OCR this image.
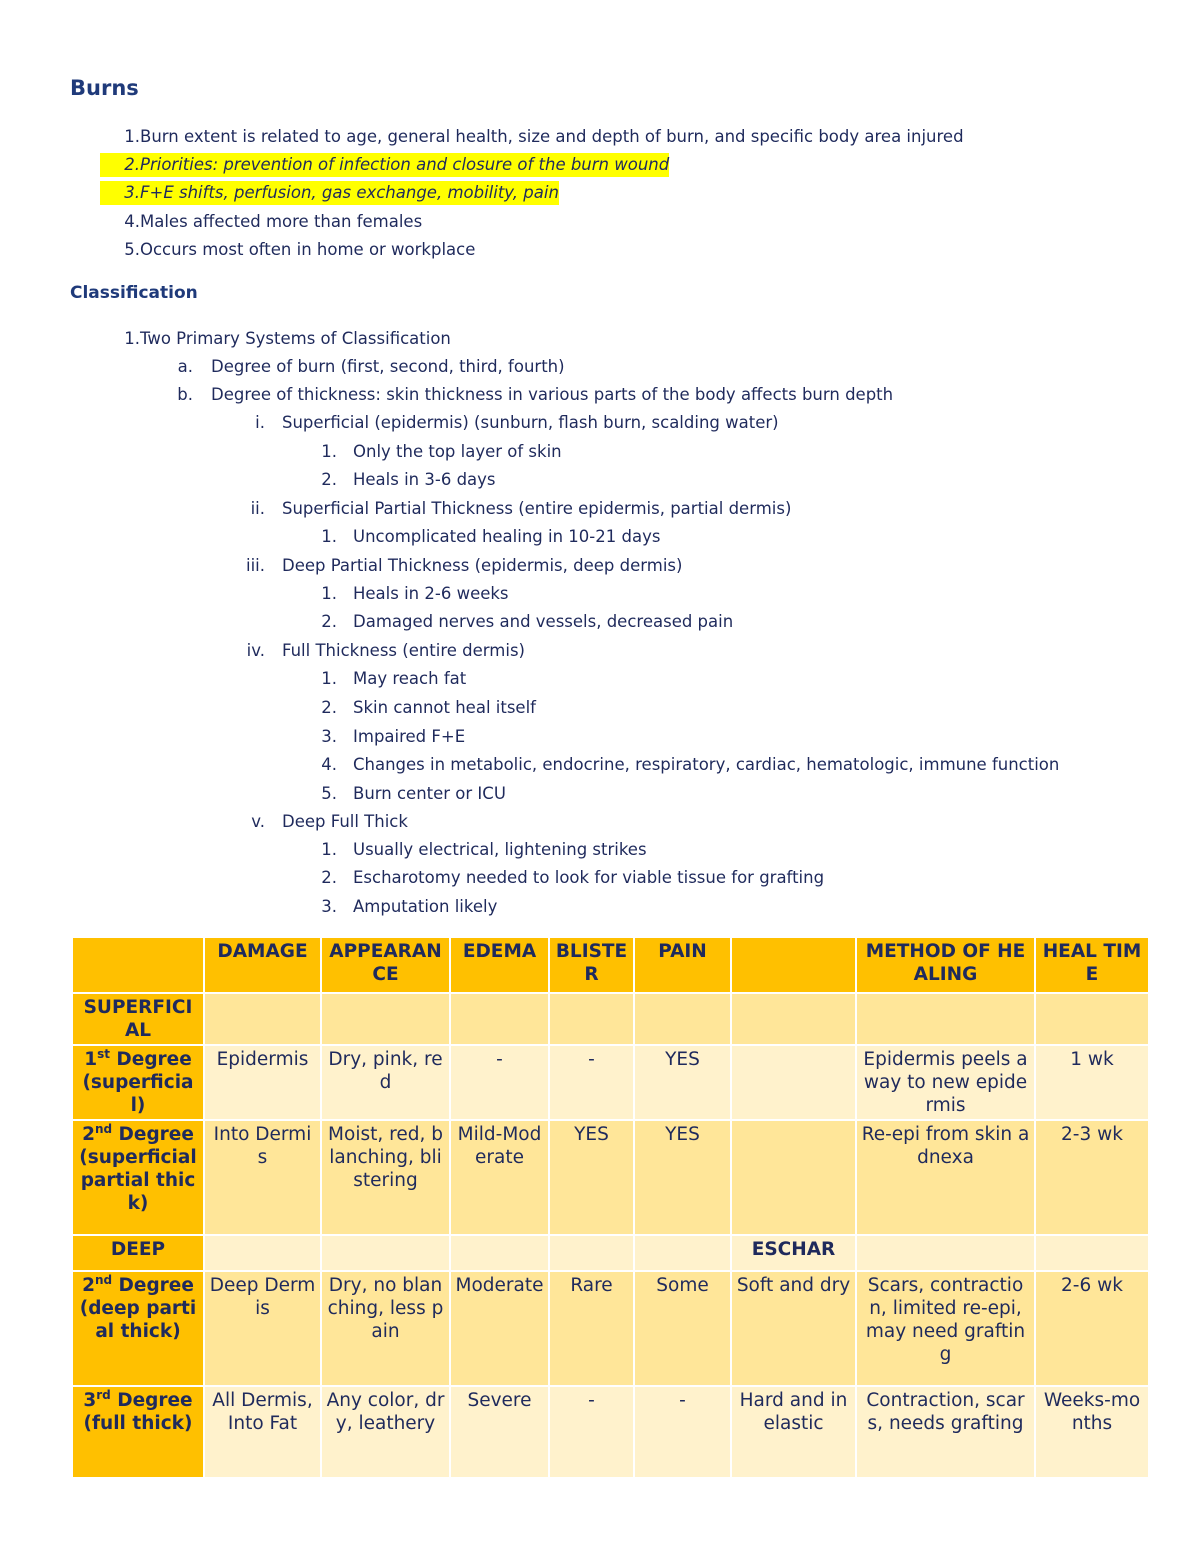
Burns
1. Burn extent is related to age, general health, size and depth of burn, and specific body area injured
2. Priorities: prevention of infection and closure of the burn wound
3. F+E shifts, perfusion, gas exchange, mobility, pain
4. Males affected more than females
5. Occurs most often in home or workplace
Classification
1. Two Primary Systems of Classification
a. Degree of burn (first, second, third, fourth)
b. Degree of thickness: skin thickness in various parts of the body affects burn depth
i. Superficial (epidermis) (sunburn, flash burn, scalding water)
1. Only the top layer of skin
2. Heals in 3-6 days
ii. Superficial Partial Thickness (entire epidermis, partial dermis)
1. Uncomplicated healing in 10-21 days
iii. Deep Partial Thickness (epidermis, deep dermis)
1. Heals in 2-6 weeks
2. Damaged nerves and vessels, decreased pain
iv. Full Thickness (entire dermis)
1. May reach fat
2. Skin cannot heal itself
3. Impaired F+E
4. Changes in metabolic, endocrine, respiratory, cardiac, hematologic, immune function
5. Burn center or ICU
v. Deep Full Thick
1. Usually electrical, lightening strikes
2. Escharotomy needed to look for viable tissue for grafting
3. Amputation likely
	DAMAGE	APPEARANCE	EDEMA	BLISTER	PAIN		METHOD OF HEALING	HEAL TIME
SUPERFICIAL								
1st Degree (superficial)	Epidermis	Dry, pink, red	-	-	YES		Epidermis peels away to new epidermis	1 wk
2nd Degree (superficial partial thick)	Into Dermis	Moist, red, blanching, blistering	Mild-Moderate	YES	YES		Re-epi from skin adnexa	2-3 wk
DEEP						ESCHAR		
2nd Degree (deep partial thick)	Deep Dermis	Dry, no blanching, less pain	Moderate	Rare	Some	Soft and dry	Scars, contraction, limited re-epi, may need grafting	2-6 wk
3rd Degree (full thick)	All Dermis, Into Fat	Any color, dry, leathery	Severe	-	-	Hard and inelastic	Contraction, scars, needs grafting	Weeks-months
